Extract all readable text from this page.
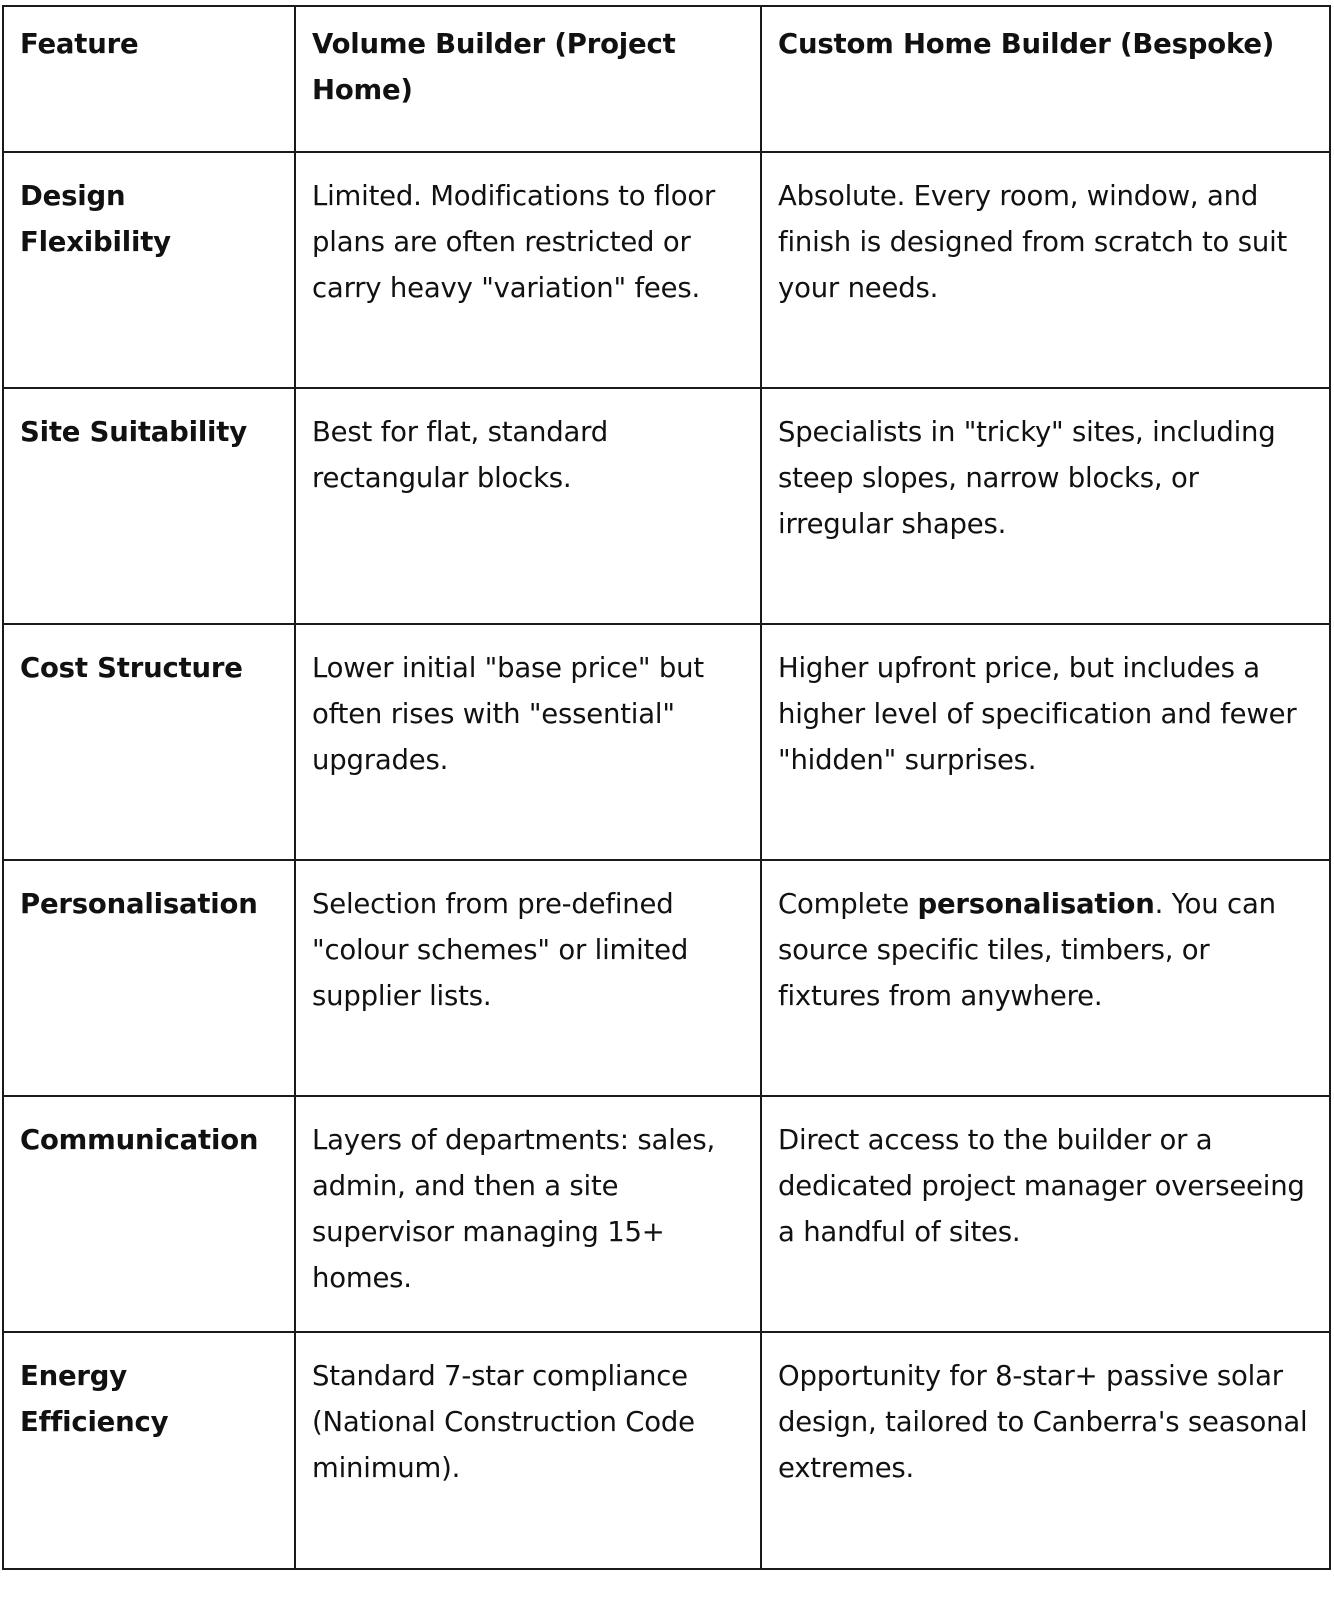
Feature	Volume Builder (Project Home)	Custom Home Builder (Bespoke)
Design Flexibility	Limited. Modifications to floor plans are often restricted or carry heavy "variation" fees.	Absolute. Every room, window, and finish is designed from scratch to suit your needs.
Site Suitability	Best for flat, standard rectangular blocks.	Specialists in "tricky" sites, including steep slopes, narrow blocks, or irregular shapes.
Cost Structure	Lower initial "base price" but often rises with "essential" upgrades.	Higher upfront price, but includes a higher level of specification and fewer "hidden" surprises.
Personalisation	Selection from pre-defined "colour schemes" or limited supplier lists.	Complete personalisation. You can source specific tiles, timbers, or fixtures from anywhere.
Communication	Layers of departments: sales, admin, and then a site supervisor managing 15+ homes.	Direct access to the builder or a dedicated project manager overseeing a handful of sites.
Energy Efficiency	Standard 7-star compliance (National Construction Code minimum).	Opportunity for 8-star+ passive solar design, tailored to Canberra's seasonal extremes.
